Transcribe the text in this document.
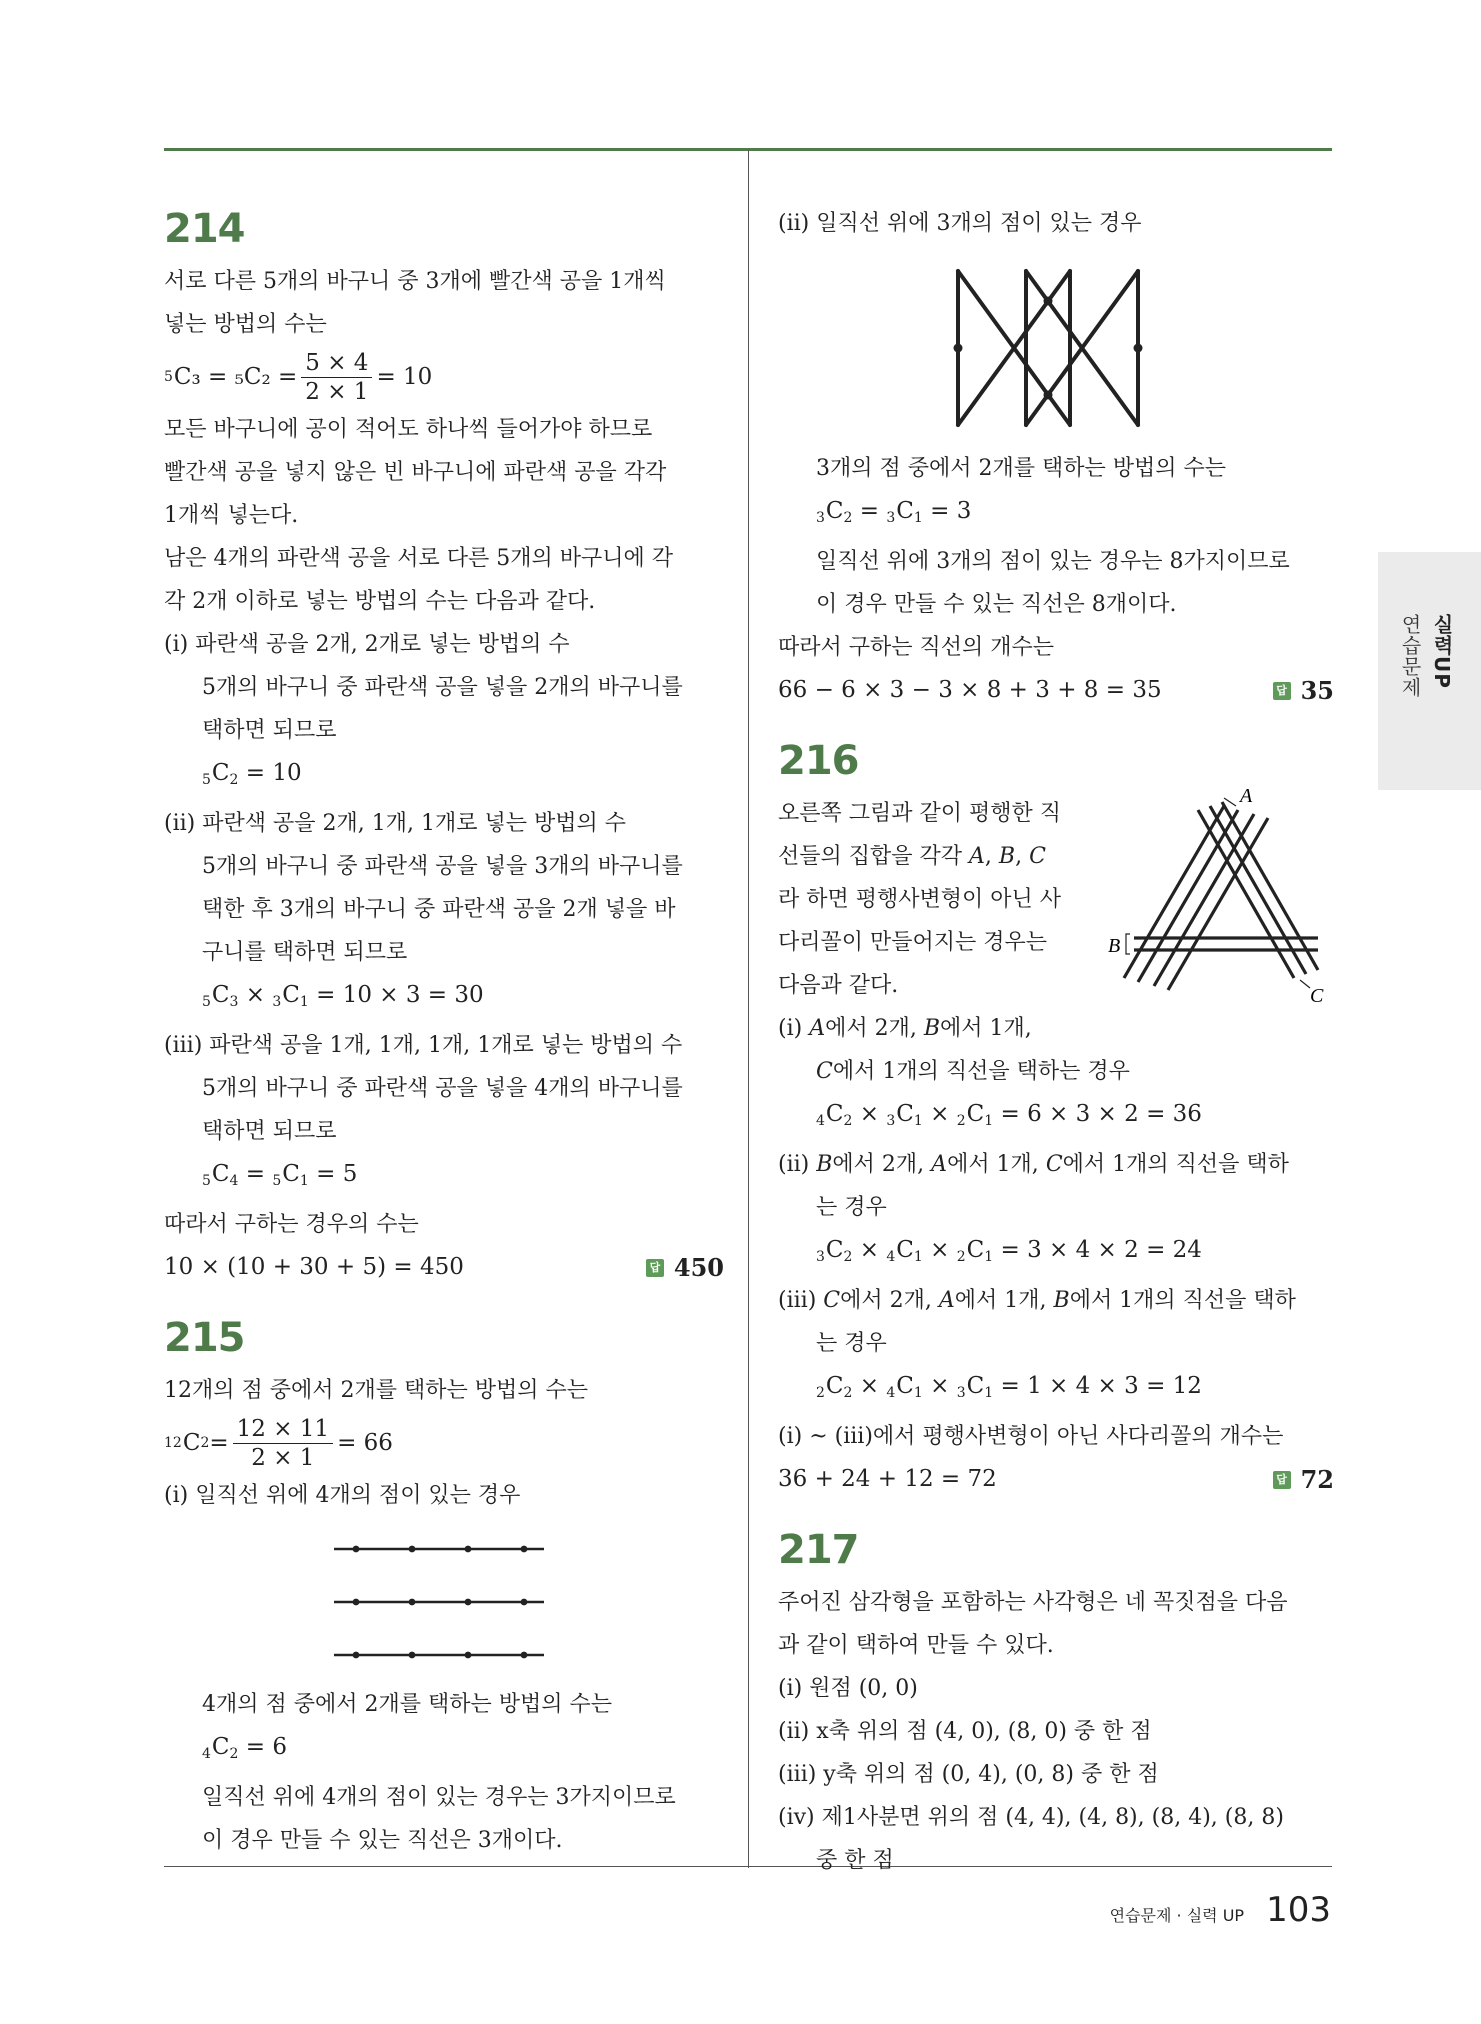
214
서로 다른 5개의 바구니 중 3개에 빨간색 공을 1개씩
넣는 방법의 수는
5 $C_3 = _5C_2 = \frac{5 \times 4}{2 \times 1} = 10$
모든 바구니에 공이 적어도 하나씩 들어가야 하므로
빨간색 공을 넣지 않은 빈 바구니에 파란색 공을 각각
1개씩 넣는다.
남은 4개의 파란색 공을 서로 다른 5개의 바구니에 각
각 2개 이하로 넣는 방법의 수는 다음과 같다.
(ⅰ) 파란색 공을 2개, 2개로 넣는 방법의 수
5개의 바구니 중 파란색 공을 넣을 2개의 바구니를
택하면 되므로
$5C_2 = 10$
(ⅱ) 파란색 공을 2개, 1개, 1개로 넣는 방법의 수
5개의 바구니 중 파란색 공을 넣을 3개의 바구니를
택한 후 3개의 바구니 중 파란색 공을 2개 넣을 바
구니를 택하면 되므로
$5C_3 \times 3C_1 = 10 \times 3 = 30$
(ⅲ) 파란색 공을 1개, 1개, 1개, 1개로 넣는 방법의 수
5개의 바구니 중 파란색 공을 넣을 4개의 바구니를
택하면 되므로
$5C_4 = 5C_1 = 5$
따라서 구하는 경우의 수는
10 × (10 + 30 + 5) = 450	답 450
215
12개의 점 중에서 2개를 택하는 방법의 수는
12 C $2 = \frac{12 \times 11}{2 \times 1} = 66$
(ⅰ) 일직선 위에 4개의 점이 있는 경우
4개의 점 중에서 2개를 택하는 방법의 수는
$4C_2 = 6$
일직선 위에 4개의 점이 있는 경우는 3가지이므로
이 경우 만들 수 있는 직선은 3개이다.
(ⅱ) 일직선 위에 3개의 점이 있는 경우
3개의 점 중에서 2개를 택하는 방법의 수는
$3C_2 = 3C_1 = 3$
일직선 위에 3개의 점이 있는 경우는 8가지이므로
이 경우 만들 수 있는 직선은 8개이다.
따라서 구하는 직선의 개수는
66 − 6 × 3 − 3 × 8 + 3 + 8 = 35	답 35
216
A
B
C
오른쪽 그림과 같이 평행한 직
선들의 집합을 각각 A, B, C
라 하면 평행사변형이 아닌 사
다리꼴이 만들어지는 경우는
다음과 같다.
(ⅰ) A에서 2개, B에서 1개,
C에서 1개의 직선을 택하는 경우
$4C_2 \times 3C_1 \times 2C_1 = 6 \times 3 \times 2 = 36$
(ⅱ) B에서 2개, A에서 1개, C에서 1개의 직선을 택하
는 경우
$3C_2 \times 4C_1 \times 2C_1 = 3 \times 4 \times 2 = 24$
(ⅲ) C에서 2개, A에서 1개, B에서 1개의 직선을 택하
는 경우
$2C_2 \times 4C_1 \times 3C_1 = 1 \times 4 \times 3 = 12$
(ⅰ) ~ (ⅲ)에서 평행사변형이 아닌 사다리꼴의 개수는
36 + 24 + 12 = 72	답 72
217
주어진 삼각형을 포함하는 사각형은 네 꼭짓점을 다음
과 같이 택하여 만들 수 있다.
(ⅰ) 원점 (0, 0)
(ⅱ) x축 위의 점 (4, 0), (8, 0) 중 한 점
(ⅲ) y축 위의 점 (0, 4), (0, 8) 중 한 점
(ⅳ) 제1사분면 위의 점 (4, 4), (4, 8), (8, 4), (8, 8)
중 한 점
실력UP
연습문제
연습문제 · 실력 UP 103
